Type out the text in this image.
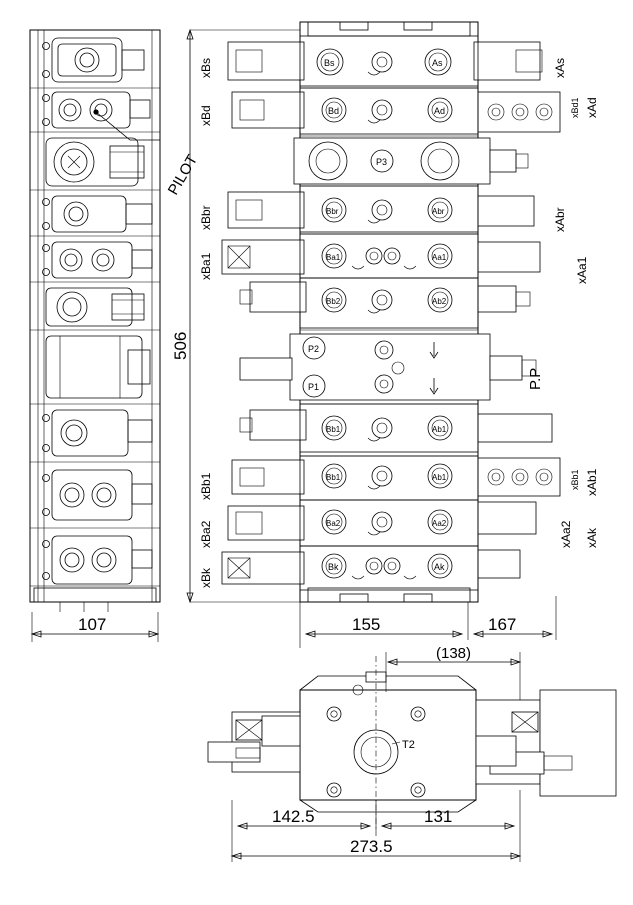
PILOT
107
Bs	As
Bd	Ad
P3
Bbr	Abr
Ba1	Aa1
Bb2	Ab2
P2
P1
Bb1	Ab1
Bb1	Ab1
Ba2	Aa2
Bk	Ak
xBs
xBd
xBbr
xBa1
xBb1
xBa2
xBk
xAs
xAd
xBd1
xAbr
xAa1
xAb1
xBb1
xAa2 xAk
P.P
506
155	167
T2
(138)
142.5	131
273.5
